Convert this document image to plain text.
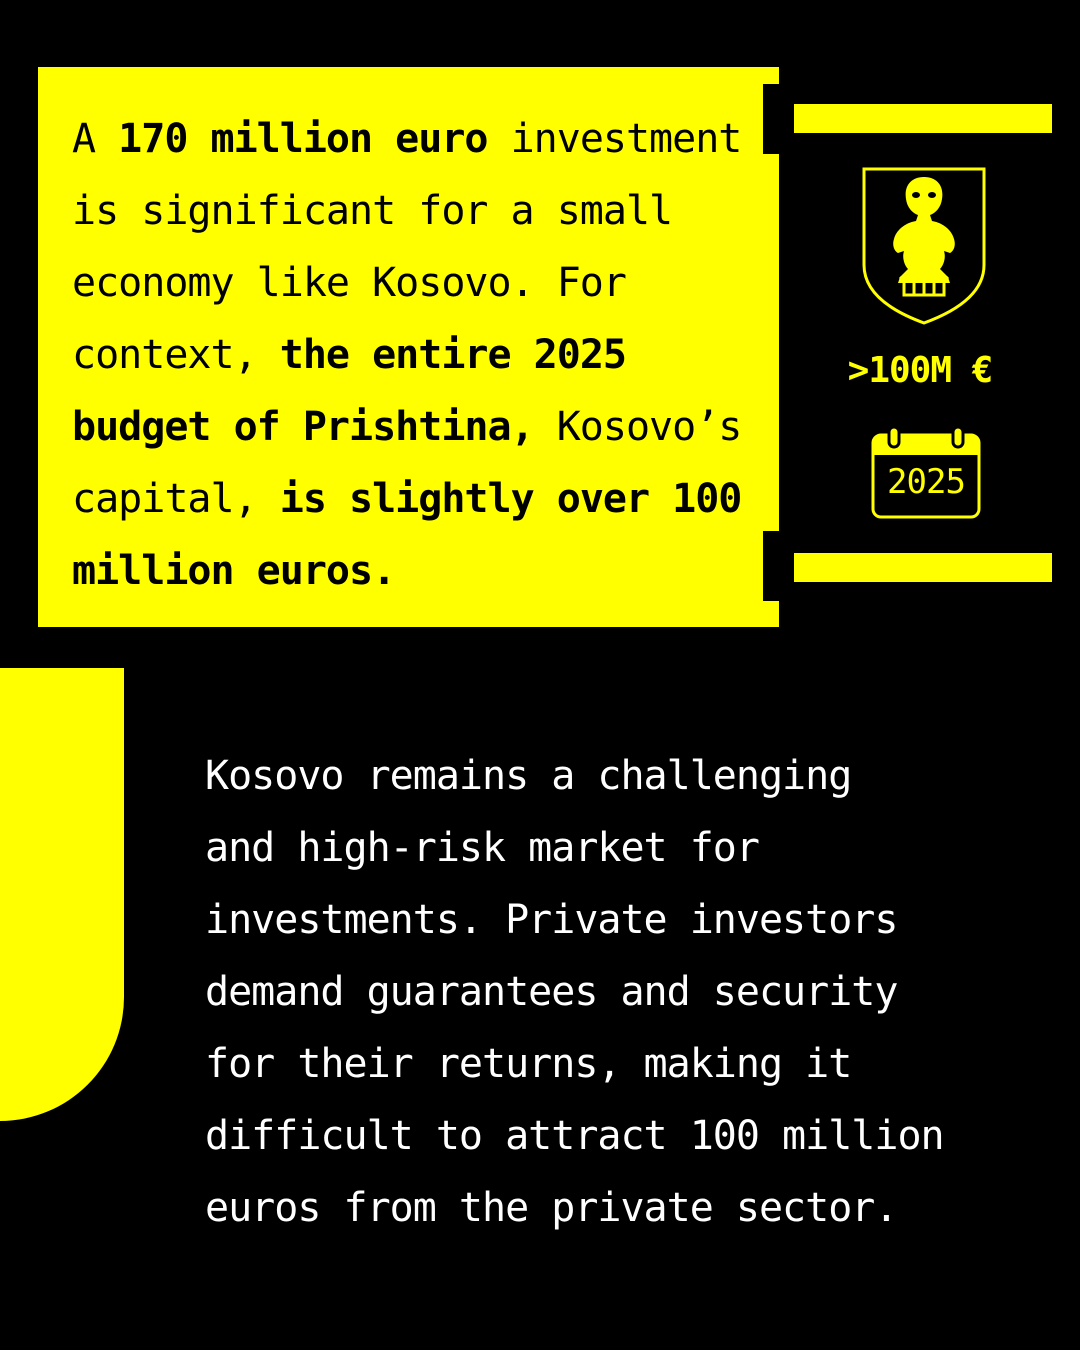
A 170 million euro investment
is significant for a small
economy like Kosovo. For
context, the entire 2025
budget of Prishtina, Kosovo’s
capital, is slightly over 100
million euros.

>100M €
2025

Kosovo remains a challenging
and high-risk market for
investments. Private investors
demand guarantees and security
for their returns, making it
difficult to attract 100 million
euros from the private sector.
